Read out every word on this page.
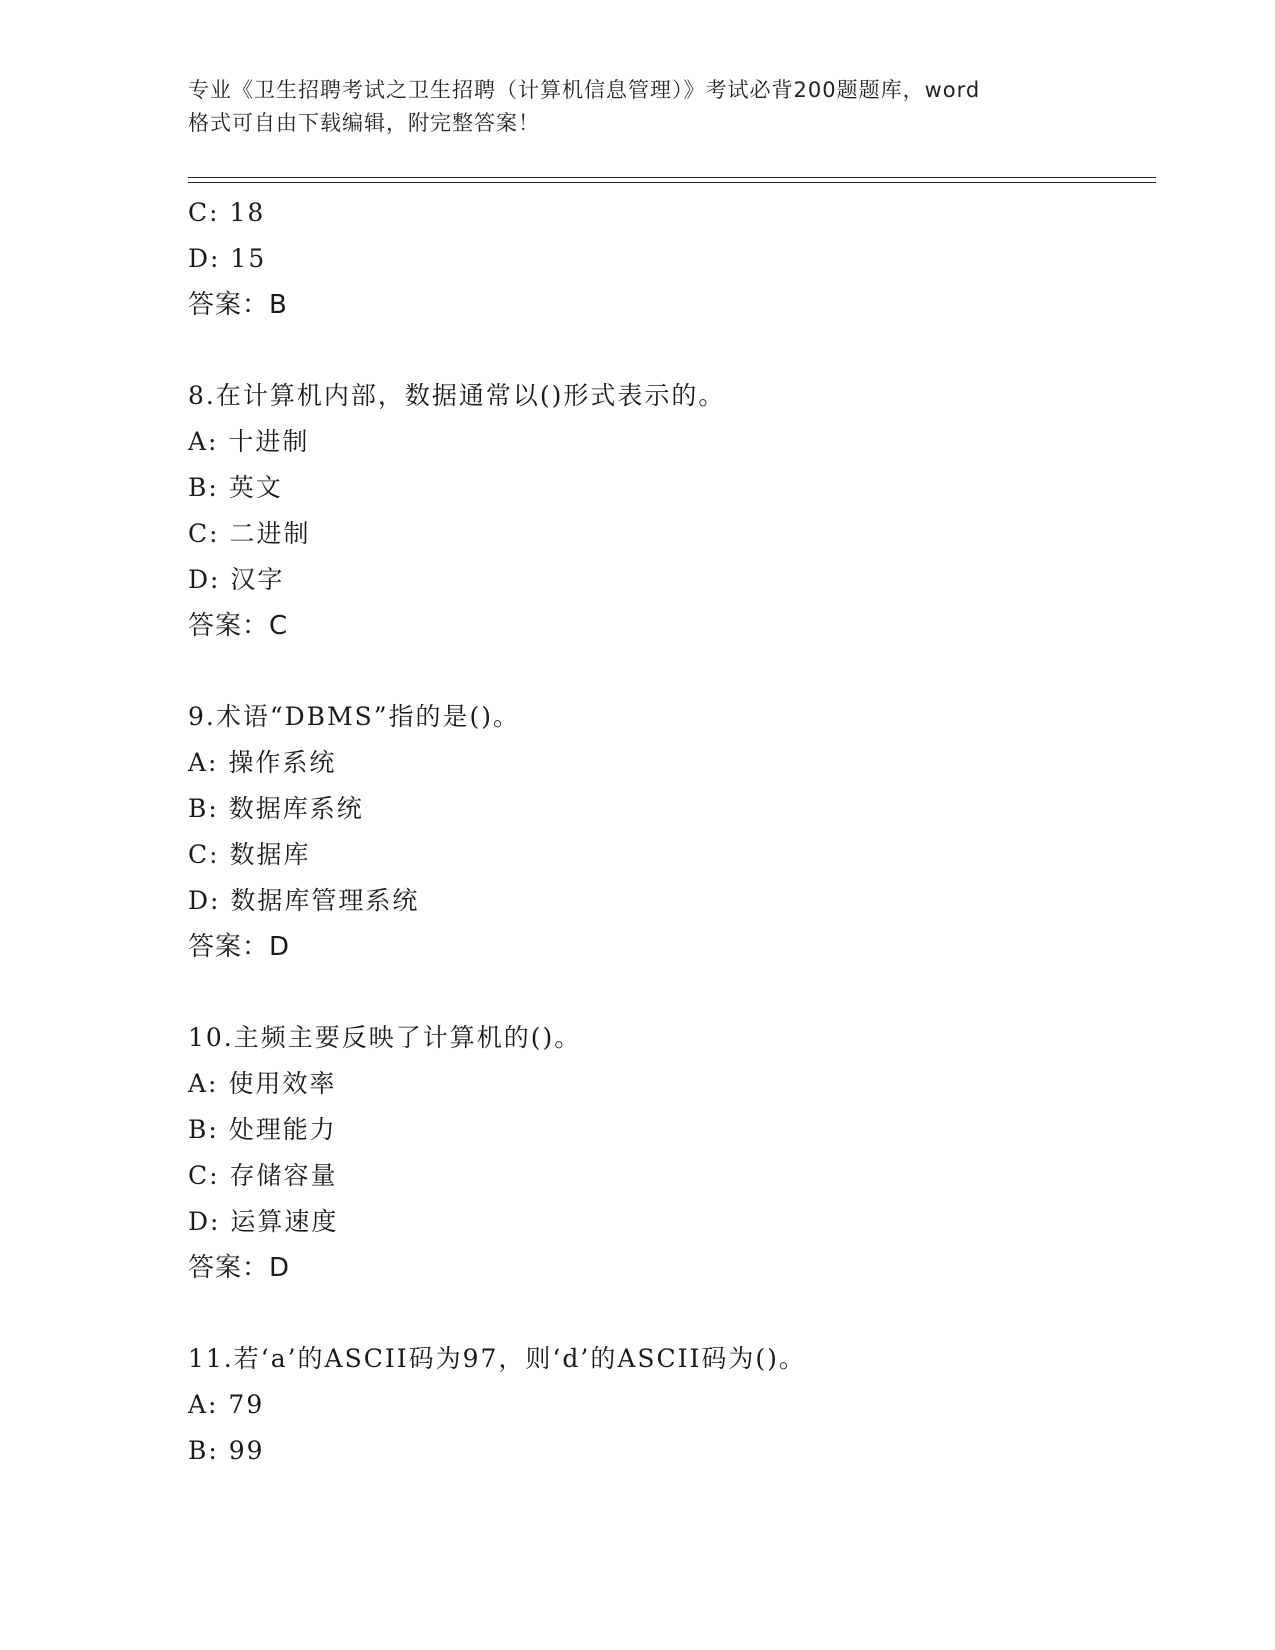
专业《卫生招聘考试之卫生招聘（计算机信息管理）》考试必背200题题库，word
格式可自由下载编辑，附完整答案！
C: 18
D: 15
答案：B
8.在计算机内部，数据通常以()形式表示的。
A: 十进制
B: 英文
C: 二进制
D: 汉字
答案：C
9.术语“DBMS”指的是()。
A: 操作系统
B: 数据库系统
C: 数据库
D: 数据库管理系统
答案：D
10.主频主要反映了计算机的()。
A: 使用效率
B: 处理能力
C: 存储容量
D: 运算速度
答案：D
11.若‘a’的ASCII码为97，则‘d’的ASCII码为()。
A: 79
B: 99
